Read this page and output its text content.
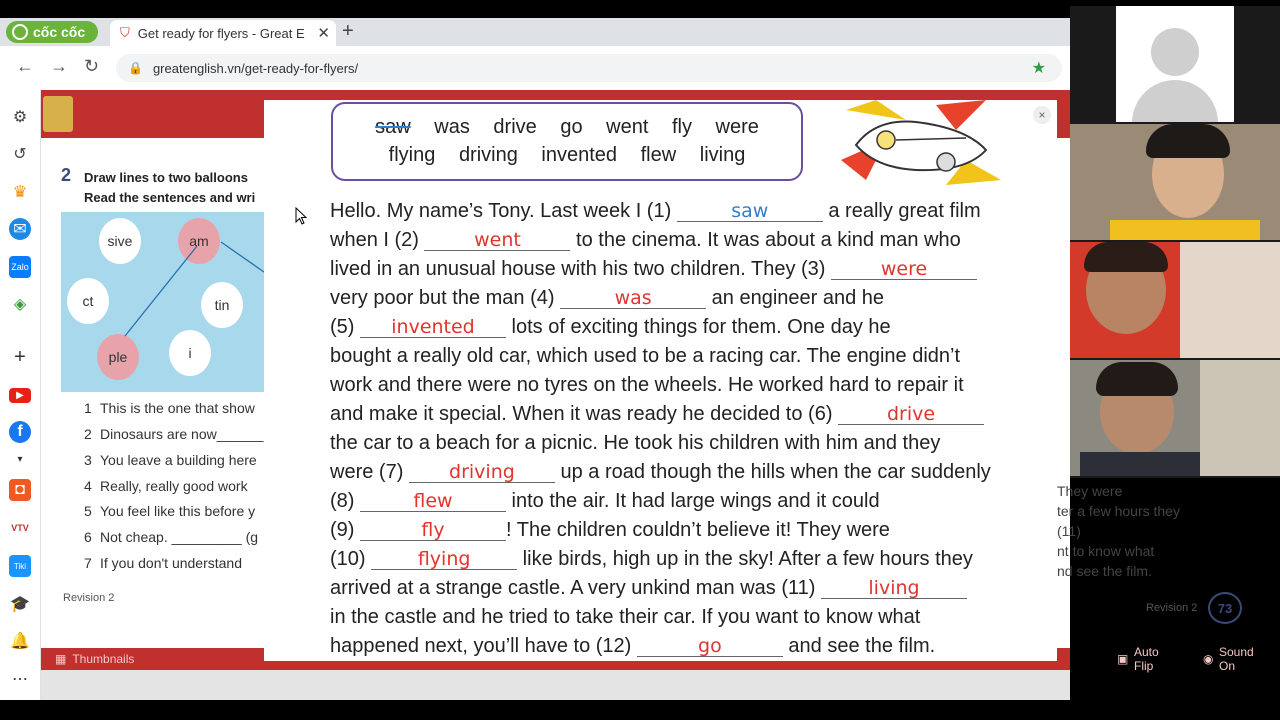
cốc cốc	⛉ Get ready for flyers - Great E ✕ +
← → ↻ 🔒 greatenglish.vn/get-ready-for-flyers/	★
⚙
↺
♛
✉
Zalo
◈
+
▶
f
▾
◘
VTV
Tiki
🎓
🔔
⋯
2 Draw lines to two balloons
Read the sentences and wri
sive	am
ct	tin
ple	i
1 This is the one that show
2 Dinosaurs are now______
3 You leave a building here
4 Really, really good work
5 You feel like this before y
6 Not cheap. _________ (g
7 If you don't understand
Revision 2
They were
ter a few hours they
(11)
nt to know what
nd see the film.
▦ Thumbnails	▣ Auto Flip	◉ Sound On
×
saw was drive go went fly were
flying driving invented flew living
Hello. My name’s Tony. Last week I (1)	saw	a really great film
when I (2)	went to the cinema. It was about a kind man who
lived in an unusual house with his two children. They (3)	were
very poor but the man (4)	was	an engineer and he
(5) invented lots of exciting things for them. One day he
bought a really old car, which used to be a racing car. The engine didn’t
work and there were no tyres on the wheels. He worked hard to repair it
and make it special. When it was ready he decided to (6)	drive
the car to a beach for a picnic. He took his children with him and they
were (7) driving up a road though the hills when the car suddenly
(8)	flew	into the air. It had large wings and it could
(9)	fly	! The children couldn’t believe it! They were
(10) flying like birds, high up in the sky! After a few hours they
arrived at a strange castle. A very unkind man was (11) living
in the castle and he tried to take their car. If you want to know what
happened next, you’ll have to (12)	go	and see the film.
Revision 2	73
